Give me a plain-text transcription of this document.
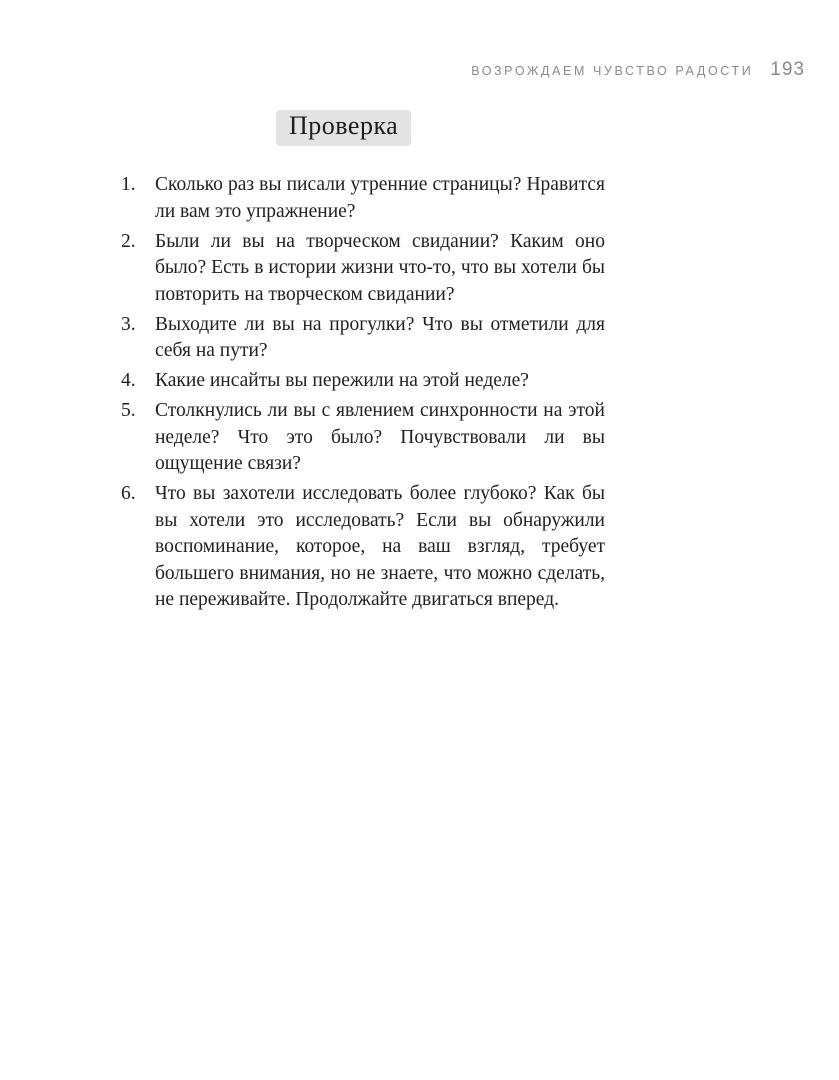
ВОЗРОЖДАЕМ ЧУВСТВО РАДОСТИ 193
Проверка
1. Сколько раз вы писали утренние страницы? Нравится ли вам это упражнение?

2. Были ли вы на творческом свидании? Каким оно было? Есть в истории жизни что-то, что вы хотели бы повторить на творческом свидании?

3. Выходите ли вы на прогулки? Что вы отметили для себя на пути?

4. Какие инсайты вы пережили на этой неделе?

5. Столкнулись ли вы с явлением синхронности на этой неделе? Что это было? Почувствовали ли вы ощущение связи?

6. Что вы захотели исследовать более глубоко? Как бы вы хотели это исследовать? Если вы обнаружили воспоминание, которое, на ваш взгляд, требует большего внимания, но не знаете, что можно сделать, не переживайте. Продолжайте двигаться вперед.
